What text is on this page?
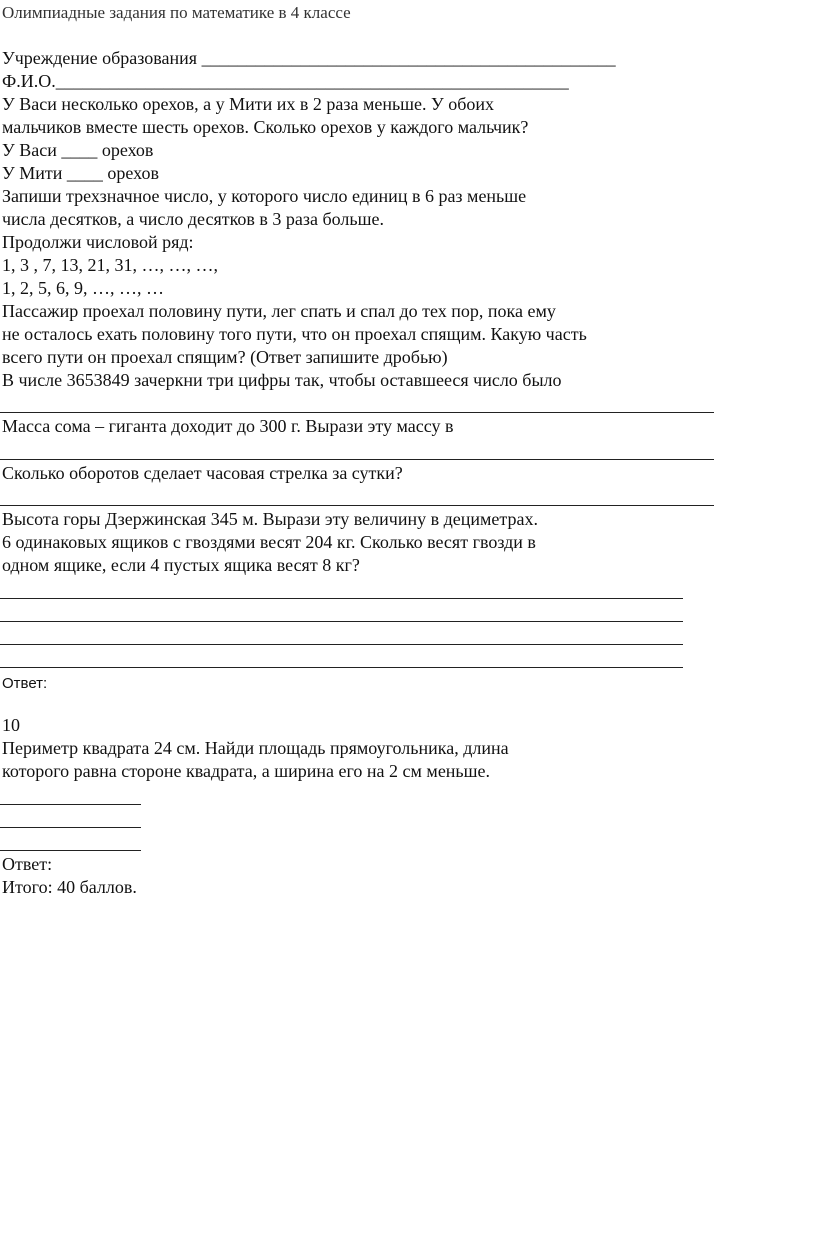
Олимпиадные задания по математике в 4 классе
Учреждение образования ______________________________________________
Ф.И.О._________________________________________________________
У Васи несколько орехов, а у Мити их в 2 раза меньше. У обоих
мальчиков вместе шесть орехов. Сколько орехов у каждого мальчик?
У Васи ____ орехов
У Мити ____ орехов
Запиши трехзначное число, у которого число единиц в 6 раз меньше
числа десятков, а число десятков в 3 раза больше.
Продолжи числовой ряд:
1, 3 , 7, 13, 21, 31, …, …, …,
1, 2, 5, 6, 9, …, …, …
Пассажир проехал половину пути, лег спать и спал до тех пор, пока ему
не осталось ехать половину того пути, что он проехал спящим. Какую часть
всего пути он проехал спящим? (Ответ запишите дробью)
В числе 3653849 зачеркни три цифры так, чтобы оставшееся число было
Масса сома – гиганта доходит до 300 г. Вырази эту массу в
Сколько оборотов сделает часовая стрелка за сутки?
Высота горы Дзержинская 345 м. Вырази эту величину в дециметрах.
6 одинаковых ящиков с гвоздями весят 204 кг. Сколько весят гвозди в
одном ящике, если 4 пустых ящика весят 8 кг?
Ответ:
10
Периметр квадрата 24 см. Найди площадь прямоугольника, длина
которого равна стороне квадрата, а ширина его на 2 см меньше.
Ответ:
Итого: 40 баллов.
